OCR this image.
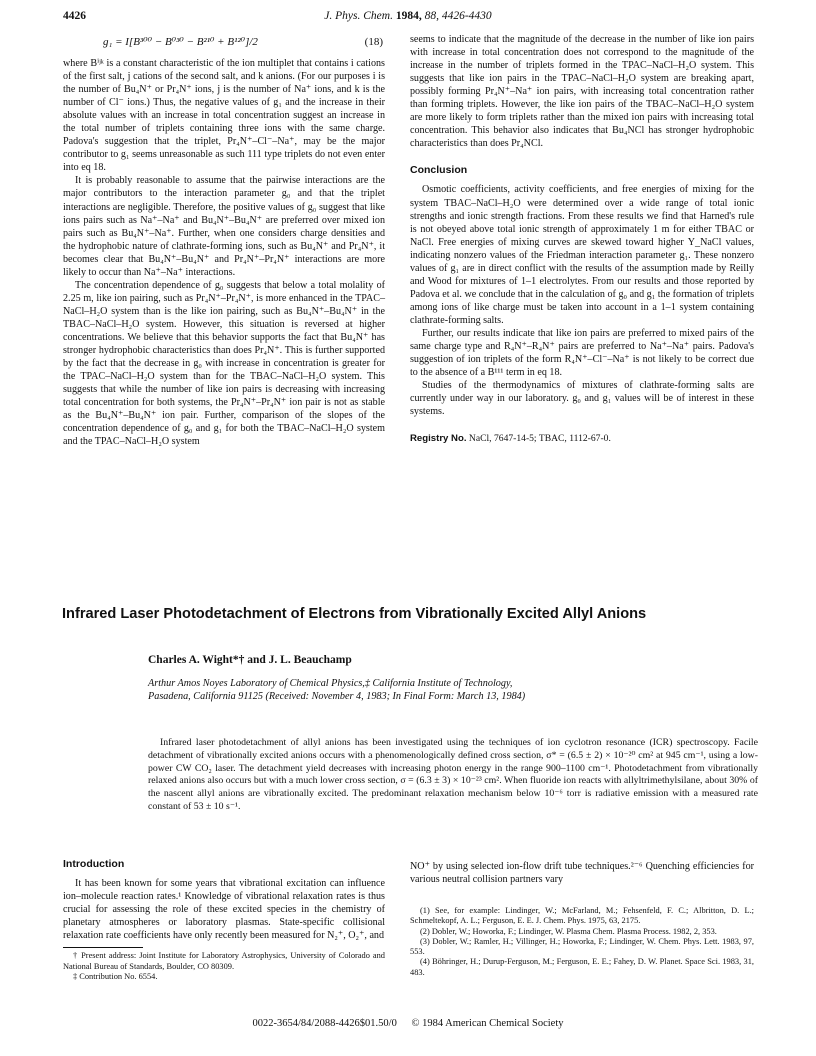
4426	J. Phys. Chem. 1984, 88, 4426-4430
g₁ = I[B³⁰⁰ − B⁰³⁰ − B²¹⁰ + B¹²⁰]/2	(18)

where Bⁱʲᵏ is a constant characteristic of the ion multiplet that contains i cations of the first salt, j cations of the second salt, and k anions. (For our purposes i is the number of Bu₄N⁺ or Pr₄N⁺ ions, j is the number of Na⁺ ions, and k is the number of Cl⁻ ions.) Thus, the negative values of g₁ and the increase in their absolute values with an increase in total concentration suggest an increase in the total number of triplets containing three ions with the same charge. Padova's suggestion that the triplet, Pr₄N⁺–Cl⁻–Na⁺, may be the major contributor to g₁ seems unreasonable as such 111 type triplets do not even enter into eq 18.

It is probably reasonable to assume that the pairwise interactions are the major contributors to the interaction parameter g₀ and that the triplet interactions are negligible. Therefore, the positive values of g₀ suggest that like ions pairs such as Na⁺–Na⁺ and Bu₄N⁺–Bu₄N⁺ are preferred over mixed ion pairs such as Bu₄N⁺–Na⁺. Further, when one considers charge densities and the hydrophobic nature of clathrate-forming ions, such as Bu₄N⁺ and Pr₄N⁺, it becomes clear that Bu₄N⁺–Bu₄N⁺ and Pr₄N⁺–Pr₄N⁺ interactions are more likely to occur than Na⁺–Na⁺ interactions.

The concentration dependence of g₀ suggests that below a total molality of 2.25 m, like ion pairing, such as Pr₄N⁺–Pr₄N⁺, is more enhanced in the TPAC–NaCl–H₂O system than is the like ion pairing, such as Bu₄N⁺–Bu₄N⁺ in the TBAC–NaCl–H₂O system. However, this situation is reversed at higher concentrations. We believe that this behavior supports the fact that Bu₄N⁺ has stronger hydrophobic characteristics than does Pr₄N⁺. This is further supported by the fact that the decrease in g₀ with increase in concentration is greater for the TPAC–NaCl–H₂O system than for the TBAC–NaCl–H₂O system. This suggests that while the number of like ion pairs is decreasing with increasing total concentration for both systems, the Pr₄N⁺–Pr₄N⁺ ion pair is not as stable as the Bu₄N⁺–Bu₄N⁺ ion pair. Further, comparison of the slopes of the concentration dependence of g₀ and g₁ for both the TBAC–NaCl–H₂O system and the TPAC–NaCl–H₂O system

seems to indicate that the magnitude of the decrease in the number of like ion pairs with increase in total concentration does not correspond to the magnitude of the increase in the number of triplets formed in the TPAC–NaCl–H₂O system. This suggests that like ion pairs in the TPAC–NaCl–H₂O system are breaking apart, possibly forming Pr₄N⁺–Na⁺ ion pairs, with increasing total concentration rather than forming triplets. However, the like ion pairs of the TBAC–NaCl–H₂O system are more likely to form triplets rather than the mixed ion pairs with increasing total concentration. This behavior also indicates that Bu₄NCl has stronger hydrophobic characteristics than does Pr₄NCl.

Conclusion

Osmotic coefficients, activity coefficients, and free energies of mixing for the system TBAC–NaCl–H₂O were determined over a wide range of total ionic strengths and ionic strength fractions. From these results we find that Harned's rule is not obeyed above total ionic strength of approximately 1 m for either TBAC or NaCl. Free energies of mixing curves are skewed toward higher Y_NaCl values, indicating nonzero values of the Friedman interaction parameter g₁. These nonzero values of g₁ are in direct conflict with the results of the assumption made by Reilly and Wood for mixtures of 1–1 electrolytes. From our results and those reported by Padova et al. we conclude that in the calculation of g₀ and g₁ the formation of triplets among ions of like charge must be taken into account in a 1–1 system containing clathrate-forming salts.

Further, our results indicate that like ion pairs are preferred to mixed pairs of the same charge type and R₄N⁺–R₄N⁺ pairs are preferred to Na⁺–Na⁺ pairs. Padova's suggestion of ion triplets of the form R₄N⁺–Cl⁻–Na⁺ is not likely to be correct due to the absence of a B¹¹¹ term in eq 18.

Studies of the thermodynamics of mixtures of clathrate-forming salts are currently under way in our laboratory. g₀ and g₁ values will be of interest in these systems.

Registry No. NaCl, 7647-14-5; TBAC, 1112-67-0.
Infrared Laser Photodetachment of Electrons from Vibrationally Excited Allyl Anions
Charles A. Wight*† and J. L. Beauchamp
Arthur Amos Noyes Laboratory of Chemical Physics,‡ California Institute of Technology,
Pasadena, California 91125 (Received: November 4, 1983; In Final Form: March 13, 1984)

Infrared laser photodetachment of allyl anions has been investigated using the techniques of ion cyclotron resonance (ICR) spectroscopy. Facile detachment of vibrationally excited anions occurs with a phenomenologically defined cross section, σ* = (6.5 ± 2) × 10⁻²⁰ cm² at 945 cm⁻¹, using a low-power CW CO₂ laser. The detachment yield decreases with increasing photon energy in the range 900–1100 cm⁻¹. Photodetachment from vibrationally relaxed anions also occurs but with a much lower cross section, σ = (6.3 ± 3) × 10⁻²³ cm². When fluoride ion reacts with allyltrimethylsilane, about 30% of the nascent allyl anions are vibrationally excited. The predominant relaxation mechanism below 10⁻⁶ torr is radiative emission with a measured rate constant of 53 ± 10 s⁻¹.

Introduction

It has been known for some years that vibrational excitation can influence ion–molecule reaction rates.¹ Knowledge of vibrational relaxation rates is thus crucial for assessing the role of these excited species in the chemistry of planetary atmospheres or laboratory plasmas. State-specific collisional relaxation rate coefficients have only recently been measured for N₂⁺, O₂⁺, and

† Present address: Joint Institute for Laboratory Astrophysics, University of Colorado and National Bureau of Standards, Boulder, CO 80309.

‡ Contribution No. 6554.

NO⁺ by using selected ion-flow drift tube techniques.²⁻⁶ Quenching efficiencies for various neutral collision partners vary

(1) See, for example: Lindinger, W.; McFarland, M.; Fehsenfeld, F. C.; Albritton, D. L.; Schmeltekopf, A. L.; Ferguson, E. E. J. Chem. Phys. 1975, 63, 2175.

(2) Dobler, W.; Howorka, F.; Lindinger, W. Plasma Chem. Plasma Process. 1982, 2, 353.

(3) Dobler, W.; Ramler, H.; Villinger, H.; Howorka, F.; Lindinger, W. Chem. Phys. Lett. 1983, 97, 553.

(4) Böhringer, H.; Durup-Ferguson, M.; Ferguson, E. E.; Fahey, D. W. Planet. Space Sci. 1983, 31, 483.

0022-3654/84/2088-4426$01.50/0 © 1984 American Chemical Society
